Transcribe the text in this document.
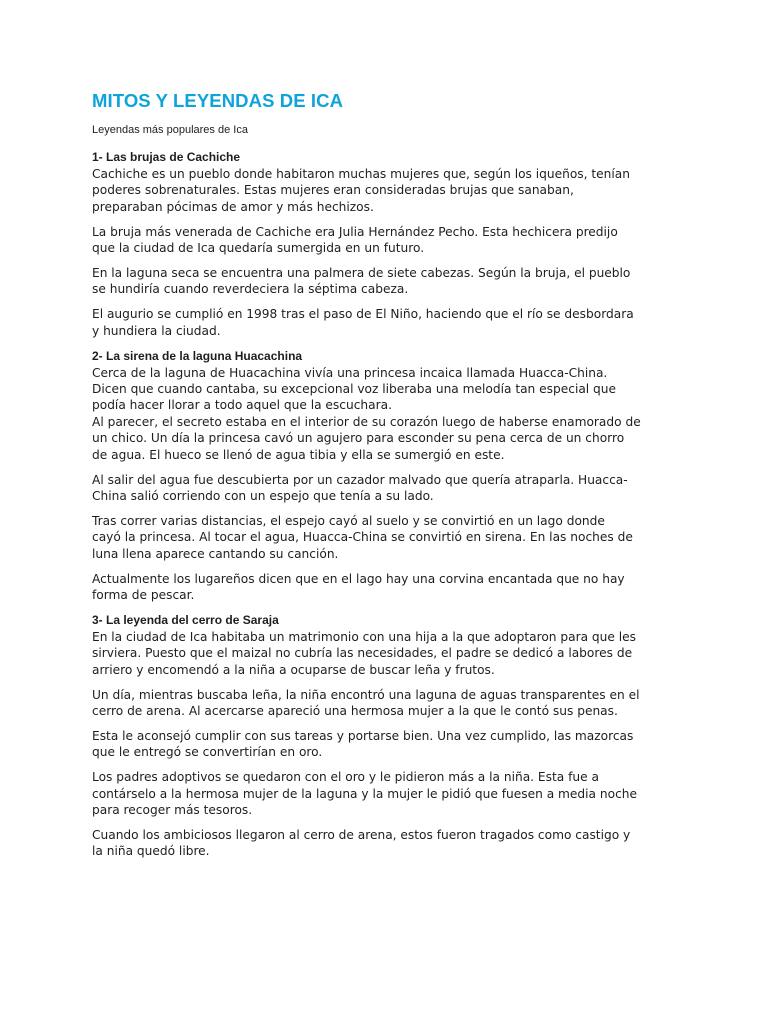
MITOS Y LEYENDAS DE ICA

Leyendas más populares de Ica

1- Las brujas de Cachiche

Cachiche es un pueblo donde habitaron muchas mujeres que, según los iqueños, tenían
poderes sobrenaturales. Estas mujeres eran consideradas brujas que sanaban,
preparaban pócimas de amor y más hechizos.

La bruja más venerada de Cachiche era Julia Hernández Pecho. Esta hechicera predijo
que la ciudad de Ica quedaría sumergida en un futuro.

En la laguna seca se encuentra una palmera de siete cabezas. Según la bruja, el pueblo
se hundiría cuando reverdeciera la séptima cabeza.

El augurio se cumplió en 1998 tras el paso de El Niño, haciendo que el río se desbordara
y hundiera la ciudad.

2- La sirena de la laguna Huacachina

Cerca de la laguna de Huacachina vivía una princesa incaica llamada Huacca-China.
Dicen que cuando cantaba, su excepcional voz liberaba una melodía tan especial que
podía hacer llorar a todo aquel que la escuchara.
Al parecer, el secreto estaba en el interior de su corazón luego de haberse enamorado de
un chico. Un día la princesa cavó un agujero para esconder su pena cerca de un chorro
de agua. El hueco se llenó de agua tibia y ella se sumergió en este.

Al salir del agua fue descubierta por un cazador malvado que quería atraparla. Huacca-
China salió corriendo con un espejo que tenía a su lado.

Tras correr varias distancias, el espejo cayó al suelo y se convirtió en un lago donde
cayó la princesa. Al tocar el agua, Huacca-China se convirtió en sirena. En las noches de
luna llena aparece cantando su canción.

Actualmente los lugareños dicen que en el lago hay una corvina encantada que no hay
forma de pescar.

3- La leyenda del cerro de Saraja

En la ciudad de Ica habitaba un matrimonio con una hija a la que adoptaron para que les
sirviera. Puesto que el maizal no cubría las necesidades, el padre se dedicó a labores de
arriero y encomendó a la niña a ocuparse de buscar leña y frutos.

Un día, mientras buscaba leña, la niña encontró una laguna de aguas transparentes en el
cerro de arena. Al acercarse apareció una hermosa mujer a la que le contó sus penas.

Esta le aconsejó cumplir con sus tareas y portarse bien. Una vez cumplido, las mazorcas
que le entregó se convertirían en oro.

Los padres adoptivos se quedaron con el oro y le pidieron más a la niña. Esta fue a
contárselo a la hermosa mujer de la laguna y la mujer le pidió que fuesen a media noche
para recoger más tesoros.

Cuando los ambiciosos llegaron al cerro de arena, estos fueron tragados como castigo y
la niña quedó libre.
